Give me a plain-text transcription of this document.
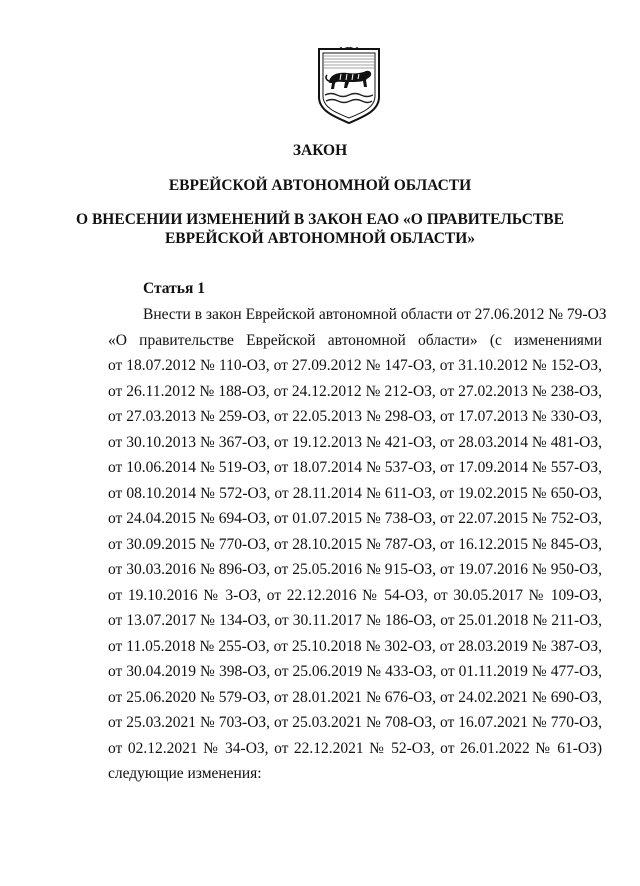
ЗАКОН
ЕВРЕЙСКОЙ АВТОНОМНОЙ ОБЛАСТИ
О ВНЕСЕНИИ ИЗМЕНЕНИЙ В ЗАКОН ЕАО «О ПРАВИТЕЛЬСТВЕ
ЕВРЕЙСКОЙ АВТОНОМНОЙ ОБЛАСТИ»
Статья 1
Внести в закон Еврейской автономной области от 27.06.2012 № 79-ОЗ
«О правительстве Еврейской автономной области» (с изменениями
от 18.07.2012 № 110-ОЗ, от 27.09.2012 № 147-ОЗ, от 31.10.2012 № 152-ОЗ,
от 26.11.2012 № 188-ОЗ, от 24.12.2012 № 212-ОЗ, от 27.02.2013 № 238-ОЗ,
от 27.03.2013 № 259-ОЗ, от 22.05.2013 № 298-ОЗ, от 17.07.2013 № 330-ОЗ,
от 30.10.2013 № 367-ОЗ, от 19.12.2013 № 421-ОЗ, от 28.03.2014 № 481-ОЗ,
от 10.06.2014 № 519-ОЗ, от 18.07.2014 № 537-ОЗ, от 17.09.2014 № 557-ОЗ,
от 08.10.2014 № 572-ОЗ, от 28.11.2014 № 611-ОЗ, от 19.02.2015 № 650-ОЗ,
от 24.04.2015 № 694-ОЗ, от 01.07.2015 № 738-ОЗ, от 22.07.2015 № 752-ОЗ,
от 30.09.2015 № 770-ОЗ, от 28.10.2015 № 787-ОЗ, от 16.12.2015 № 845-ОЗ,
от 30.03.2016 № 896-ОЗ, от 25.05.2016 № 915-ОЗ, от 19.07.2016 № 950-ОЗ,
от 19.10.2016 № 3-ОЗ, от 22.12.2016 № 54-ОЗ, от 30.05.2017 № 109-ОЗ,
от 13.07.2017 № 134-ОЗ, от 30.11.2017 № 186-ОЗ, от 25.01.2018 № 211-ОЗ,
от 11.05.2018 № 255-ОЗ, от 25.10.2018 № 302-ОЗ, от 28.03.2019 № 387-ОЗ,
от 30.04.2019 № 398-ОЗ, от 25.06.2019 № 433-ОЗ, от 01.11.2019 № 477-ОЗ,
от 25.06.2020 № 579-ОЗ, от 28.01.2021 № 676-ОЗ, от 24.02.2021 № 690-ОЗ,
от 25.03.2021 № 703-ОЗ, от 25.03.2021 № 708-ОЗ, от 16.07.2021 № 770-ОЗ,
от 02.12.2021 № 34-ОЗ, от 22.12.2021 № 52-ОЗ, от 26.01.2022 № 61-ОЗ)
следующие изменения:
